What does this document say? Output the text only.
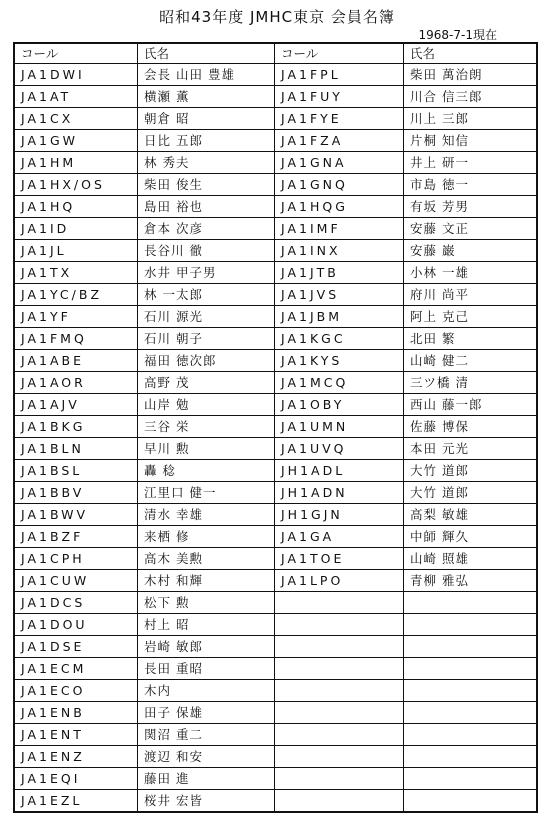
昭和43年度 JMHC東京 会員名簿
1968-7-1現在
コール	氏名	コール	氏名
JA1DWI	会長 山田 豊雄	JA1FPL	柴田 萬治朗
JA1AT	横瀬 薫	JA1FUY	川合 信三郎
JA1CX	朝倉 昭	JA1FYE	川上 三郎
JA1GW	日比 五郎	JA1FZA	片桐 知信
JA1HM	林 秀夫	JA1GNA	井上 研一
JA1HX/OS	柴田 俊生	JA1GNQ	市島 徳一
JA1HQ	島田 裕也	JA1HQG	有坂 芳男
JA1ID	倉本 次彦	JA1IMF	安藤 文正
JA1JL	長谷川 徹	JA1INX	安藤 巌
JA1TX	水井 甲子男	JA1JTB	小林 一雄
JA1YC/BZ	林 一太郎	JA1JVS	府川 尚平
JA1YF	石川 源光	JA1JBM	阿上 克己
JA1FMQ	石川 朝子	JA1KGC	北田 繁
JA1ABE	福田 徳次郎	JA1KYS	山崎 健二
JA1AOR	高野 茂	JA1MCQ	三ツ橋 清
JA1AJV	山岸 勉	JA1OBY	西山 藤一郎
JA1BKG	三谷 栄	JA1UMN	佐藤 博保
JA1BLN	早川 勲	JA1UVQ	本田 元光
JA1BSL	轟 稔	JH1ADL	大竹 道郎
JA1BBV	江里口 健一	JH1ADN	大竹 道郎
JA1BWV	清水 幸雄	JH1GJN	高梨 敏雄
JA1BZF	来栖 修	JA1GA	中師 輝久
JA1CPH	高木 美勲	JA1TOE	山崎 照雄
JA1CUW	木村 和輝	JA1LPO	青柳 雅弘
JA1DCS	松下 勲		
JA1DOU	村上 昭		
JA1DSE	岩崎 敏郎		
JA1ECM	長田 重昭		
JA1ECO	木内		
JA1ENB	田子 保雄		
JA1ENT	関沼 重二		
JA1ENZ	渡辺 和安		
JA1EQI	藤田 進		
JA1EZL	桜井 宏皆		
